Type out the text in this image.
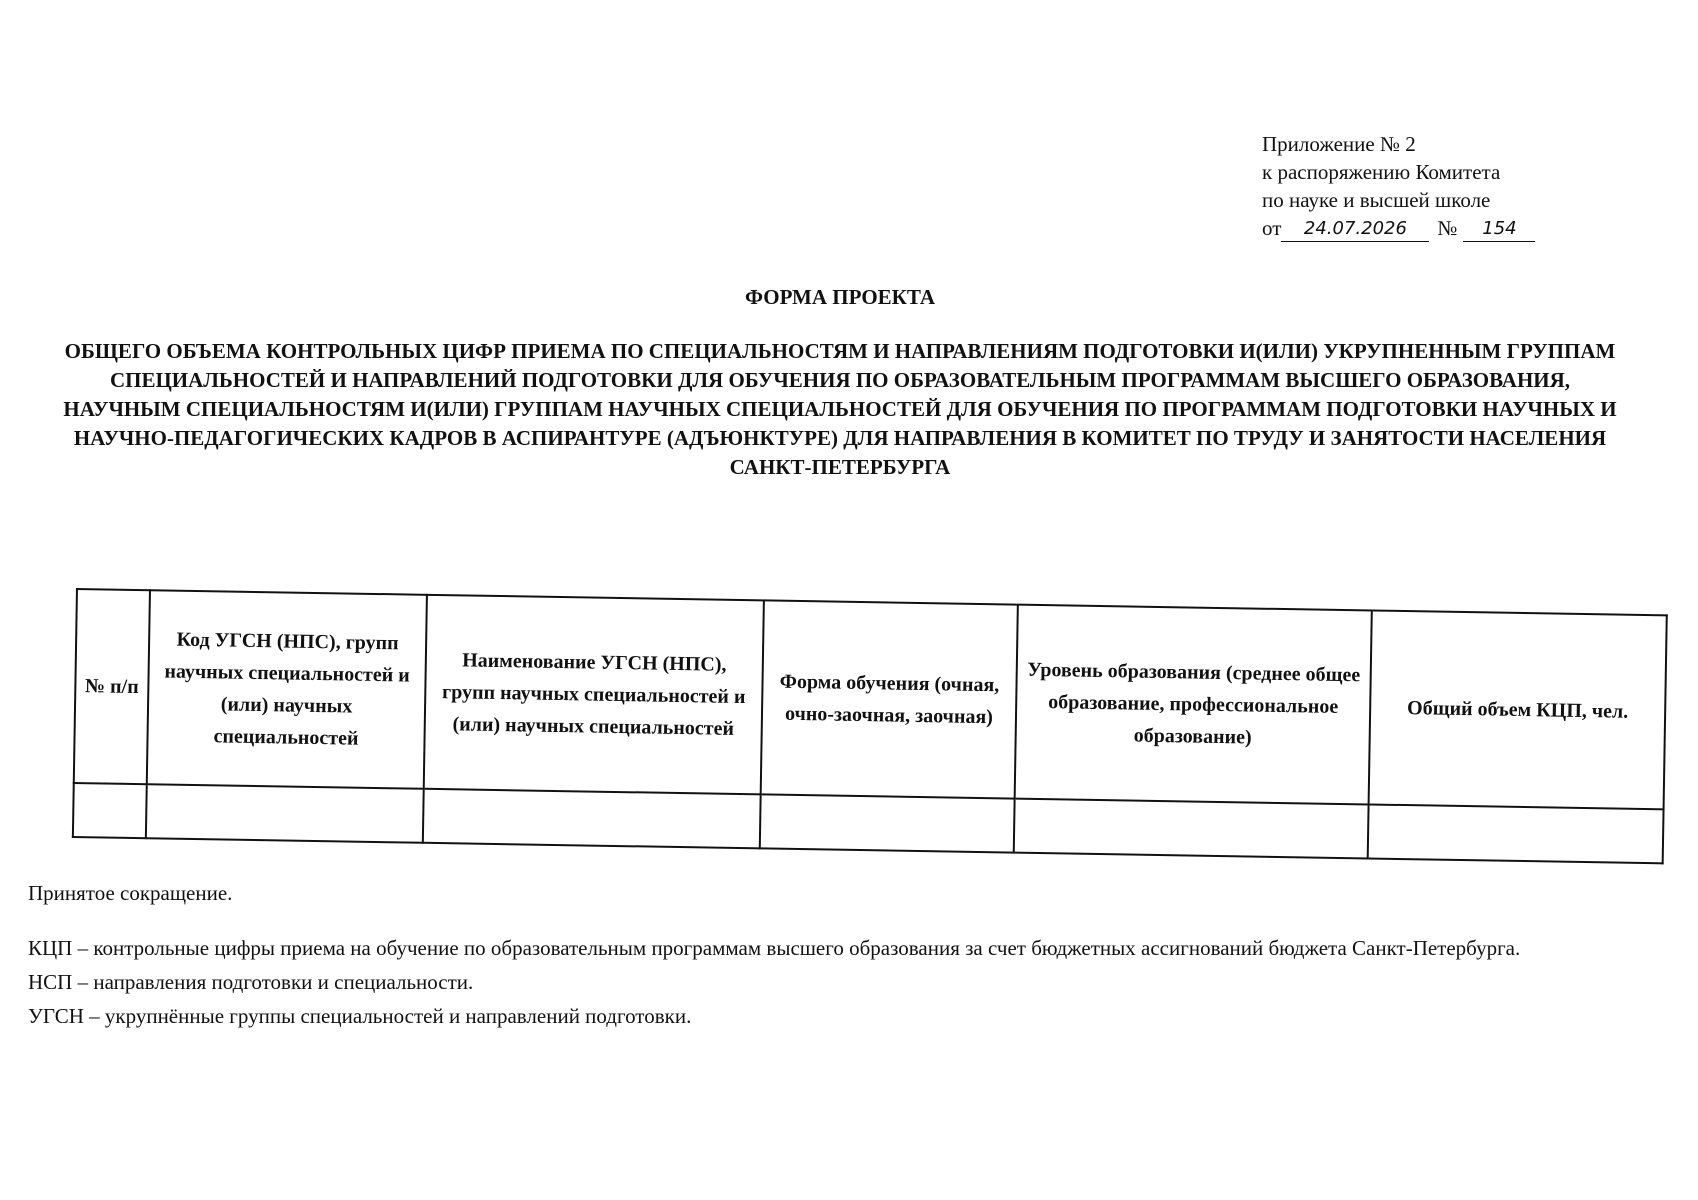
Приложение № 2
к распоряжению Комитета
по науке и высшей школе
от 24.07.2026 № 154
ФОРМА ПРОЕКТА
ОБЩЕГО ОБЪЕМА КОНТРОЛЬНЫХ ЦИФР ПРИЕМА ПО СПЕЦИАЛЬНОСТЯМ И НАПРАВЛЕНИЯМ ПОДГОТОВКИ И(ИЛИ) УКРУПНЕННЫМ ГРУППАМ СПЕЦИАЛЬНОСТЕЙ И НАПРАВЛЕНИЙ ПОДГОТОВКИ ДЛЯ ОБУЧЕНИЯ ПО ОБРАЗОВАТЕЛЬНЫМ ПРОГРАММАМ ВЫСШЕГО ОБРАЗОВАНИЯ, НАУЧНЫМ СПЕЦИАЛЬНОСТЯМ И(ИЛИ) ГРУППАМ НАУЧНЫХ СПЕЦИАЛЬНОСТЕЙ ДЛЯ ОБУЧЕНИЯ ПО ПРОГРАММАМ ПОДГОТОВКИ НАУЧНЫХ И НАУЧНО-ПЕДАГОГИЧЕСКИХ КАДРОВ В АСПИРАНТУРЕ (АДЪЮНКТУРЕ) ДЛЯ НАПРАВЛЕНИЯ В КОМИТЕТ ПО ТРУДУ И ЗАНЯТОСТИ НАСЕЛЕНИЯ САНКТ-ПЕТЕРБУРГА
№ п/п	Код УГСН (НПС), групп научных специальностей и (или) научных специальностей	Наименование УГСН (НПС), групп научных специальностей и (или) научных специальностей	Форма обучения (очная, очно-заочная, заочная)	Уровень образования (среднее общее образование, профессиональное образование)	Общий объем КЦП, чел.

Принятое сокращение.

КЦП – контрольные цифры приема на обучение по образовательным программам высшего образования за счет бюджетных ассигнований бюджета Санкт-Петербурга.

НСП – направления подготовки и специальности.

УГСН – укрупнённые группы специальностей и направлений подготовки.
